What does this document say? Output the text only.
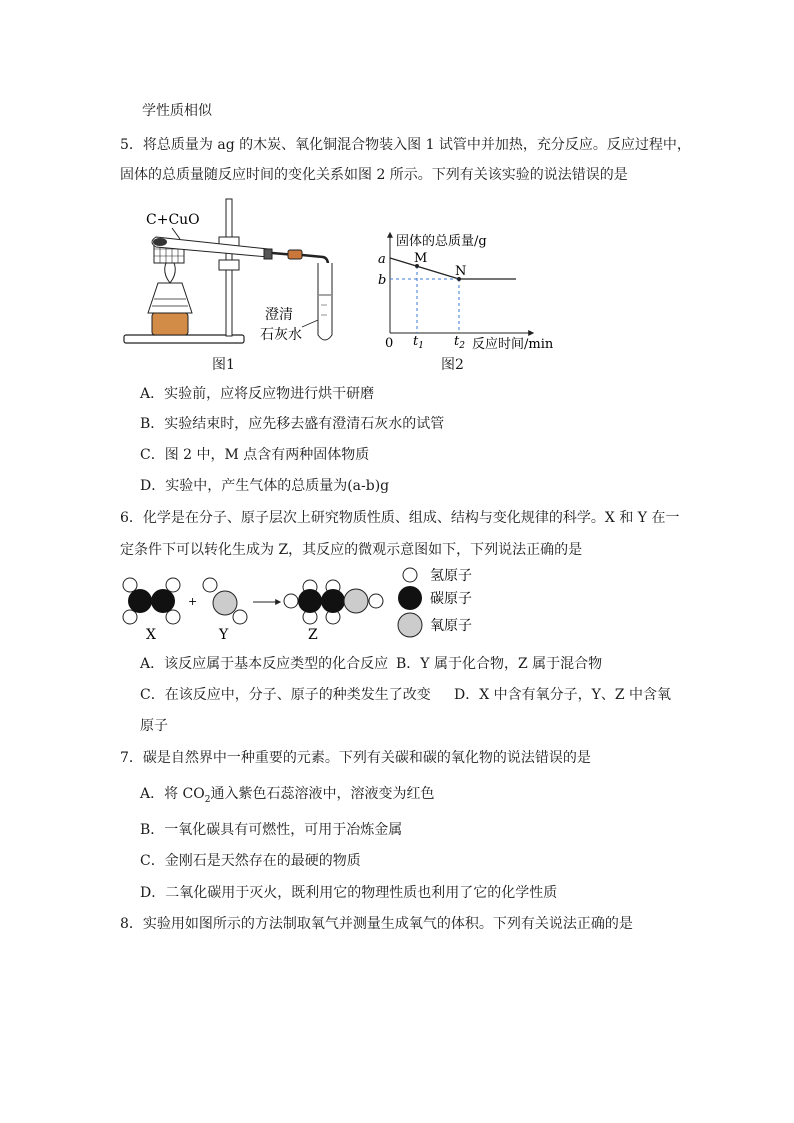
学性质相似
5．将总质量为 ag 的木炭、氧化铜混合物装入图 1 试管中并加热，充分反应。反应过程中，
固体的总质量随反应时间的变化关系如图 2 所示。下列有关该实验的说法错误的是
C+CuO
澄清
石灰水
图1
固体的总质量/g
反应时间/min
0
a
b
$t_1$ $t_2$
M
N
图2
A．实验前，应将反应物进行烘干研磨
B．实验结束时，应先移去盛有澄清石灰水的试管
C．图 2 中，M 点含有两种固体物质
D．实验中，产生气体的总质量为(a-b)g
6．化学是在分子、原子层次上研究物质性质、组成、结构与变化规律的科学。X 和 Y 在一
定条件下可以转化生成为 Z，其反应的微观示意图如下，下列说法正确的是
+
X	Y	Z
氢原子
碳原子
氧原子
A．该反应属于基本反应类型的化合反应 B．Y 属于化合物，Z 属于混合物
C．在该反应中，分子、原子的种类发生了改变 D．X 中含有氧分子，Y、Z 中含氧
原子
7．碳是自然界中一种重要的元素。下列有关碳和碳的氧化物的说法错误的是
A．将 $CO_2$通入紫色石蕊溶液中，溶液变为红色
B．一氧化碳具有可燃性，可用于冶炼金属
C．金刚石是天然存在的最硬的物质
D．二氧化碳用于灭火，既利用它的物理性质也利用了它的化学性质
8．实验用如图所示的方法制取氧气并测量生成氧气的体积。下列有关说法正确的是
